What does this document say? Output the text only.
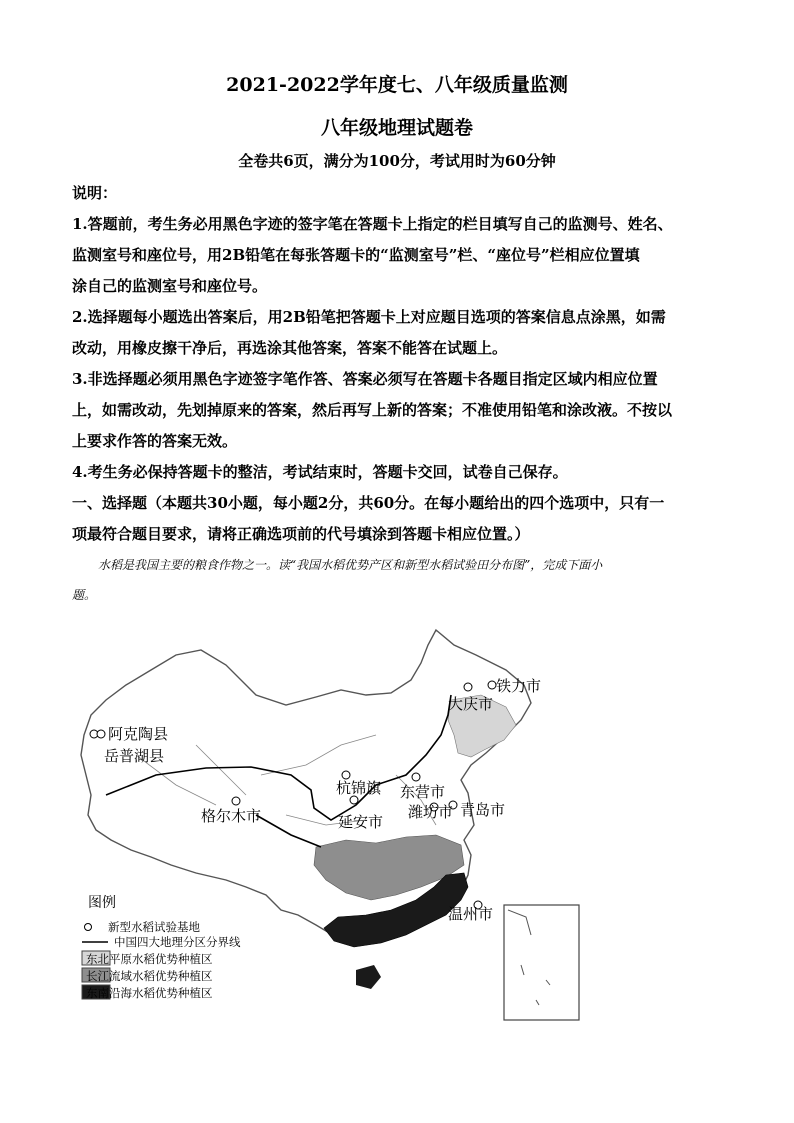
2021-2022学年度七、八年级质量监测
八年级地理试题卷
全卷共6页，满分为100分，考试用时为60分钟
说明：
1.答题前，考生务必用黑色字迹的签字笔在答题卡上指定的栏目填写自己的监测号、姓名、
监测室号和座位号，用2B铅笔在每张答题卡的“监测室号”栏、“座位号”栏相应位置填
涂自己的监测室号和座位号。
2.选择题每小题选出答案后，用2B铅笔把答题卡上对应题目选项的答案信息点涂黑，如需
改动，用橡皮擦干净后，再选涂其他答案，答案不能答在试题上。
3.非选择题必须用黑色字迹签字笔作答、答案必须写在答题卡各题目指定区域内相应位置
上，如需改动，先划掉原来的答案，然后再写上新的答案；不准使用铅笔和涂改液。不按以
上要求作答的答案无效。
4.考生务必保持答题卡的整洁，考试结束时，答题卡交回，试卷自己保存。
一、选择题（本题共30小题，每小题2分，共60分。在每小题给出的四个选项中，只有一
项最符合题目要求，请将正确选项前的代号填涂到答题卡相应位置。）
水稻是我国主要的粮食作物之一。读“我国水稻优势产区和新型水稻试验田分布图”，完成下面小
题。
铁力市
大庆市
阿克陶县
岳普湖县
杭锦旗 东营市
格尔木市	潍坊市 青岛市
延安市
温州市
图例
新型水稻试验基地
中国四大地理分区分界线
东北平原水稻优势种植区
长江流域水稻优势种植区
东南沿海水稻优势种植区
